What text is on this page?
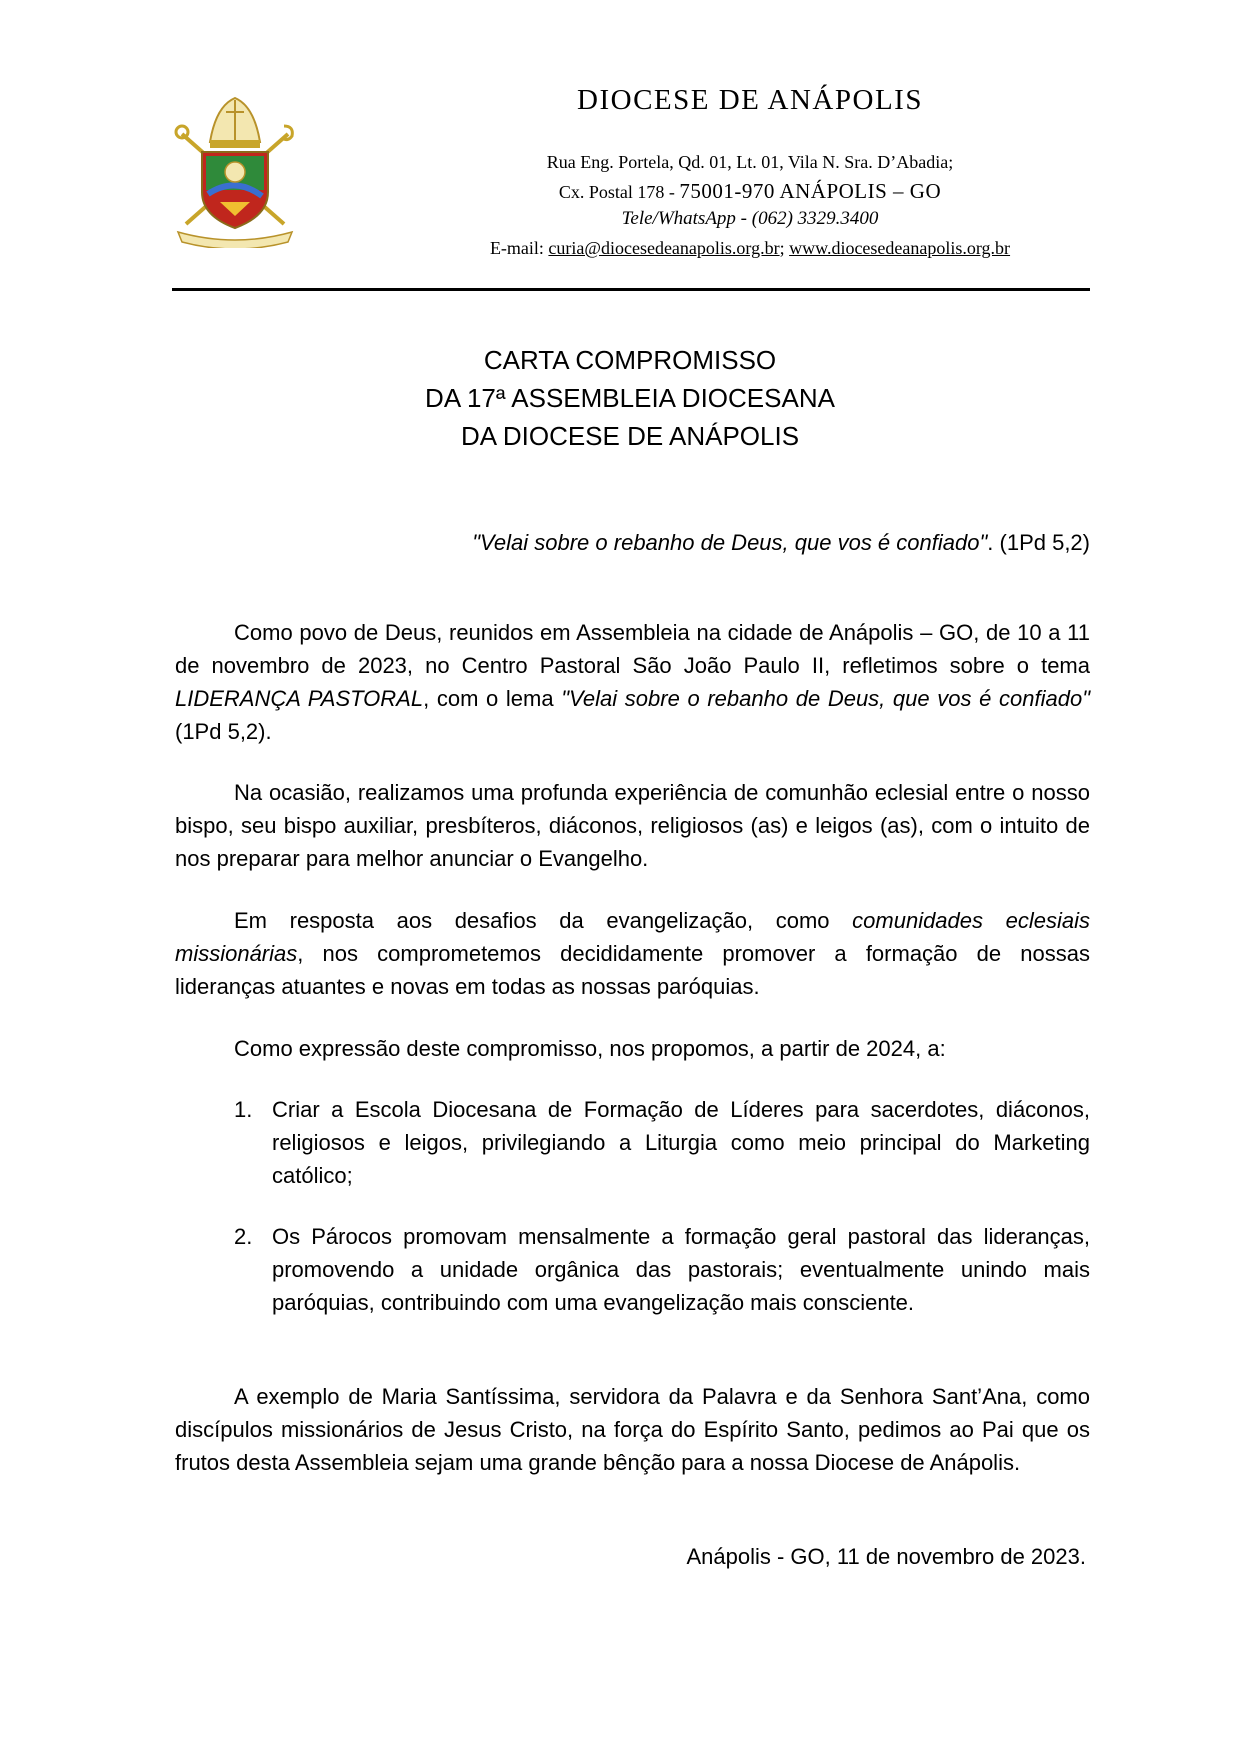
DIOCESE DE ANÁPOLIS
Rua Eng. Portela, Qd. 01, Lt. 01, Vila N. Sra. D’Abadia;
Cx. Postal 178 - 75001-970 ANÁPOLIS – GO
Tele/WhatsApp - (062) 3329.3400
E-mail: curia@diocesedeanapolis.org.br; www.diocesedeanapolis.org.br
CARTA COMPROMISSO
DA 17ª ASSEMBLEIA DIOCESANA
DA DIOCESE DE ANÁPOLIS
"Velai sobre o rebanho de Deus, que vos é confiado". (1Pd 5,2)

Como povo de Deus, reunidos em Assembleia na cidade de Anápolis – GO, de 10 a 11 de novembro de 2023, no Centro Pastoral São João Paulo II, refletimos sobre o tema LIDERANÇA PASTORAL, com o lema "Velai sobre o rebanho de Deus, que vos é confiado" (1Pd 5,2).

Na ocasião, realizamos uma profunda experiência de comunhão eclesial entre o nosso bispo, seu bispo auxiliar, presbíteros, diáconos, religiosos (as) e leigos (as), com o intuito de nos preparar para melhor anunciar o Evangelho.

Em resposta aos desafios da evangelização, como comunidades eclesiais missionárias, nos comprometemos decididamente promover a formação de nossas lideranças atuantes e novas em todas as nossas paróquias.

Como expressão deste compromisso, nos propomos, a partir de 2024, a:

1. Criar a Escola Diocesana de Formação de Líderes para sacerdotes, diáconos, religiosos e leigos, privilegiando a Liturgia como meio principal do Marketing católico;

2. Os Párocos promovam mensalmente a formação geral pastoral das lideranças, promovendo a unidade orgânica das pastorais; eventualmente unindo mais paróquias, contribuindo com uma evangelização mais consciente.

A exemplo de Maria Santíssima, servidora da Palavra e da Senhora Sant’Ana, como discípulos missionários de Jesus Cristo, na força do Espírito Santo, pedimos ao Pai que os frutos desta Assembleia sejam uma grande bênção para a nossa Diocese de Anápolis.

Anápolis - GO, 11 de novembro de 2023.
